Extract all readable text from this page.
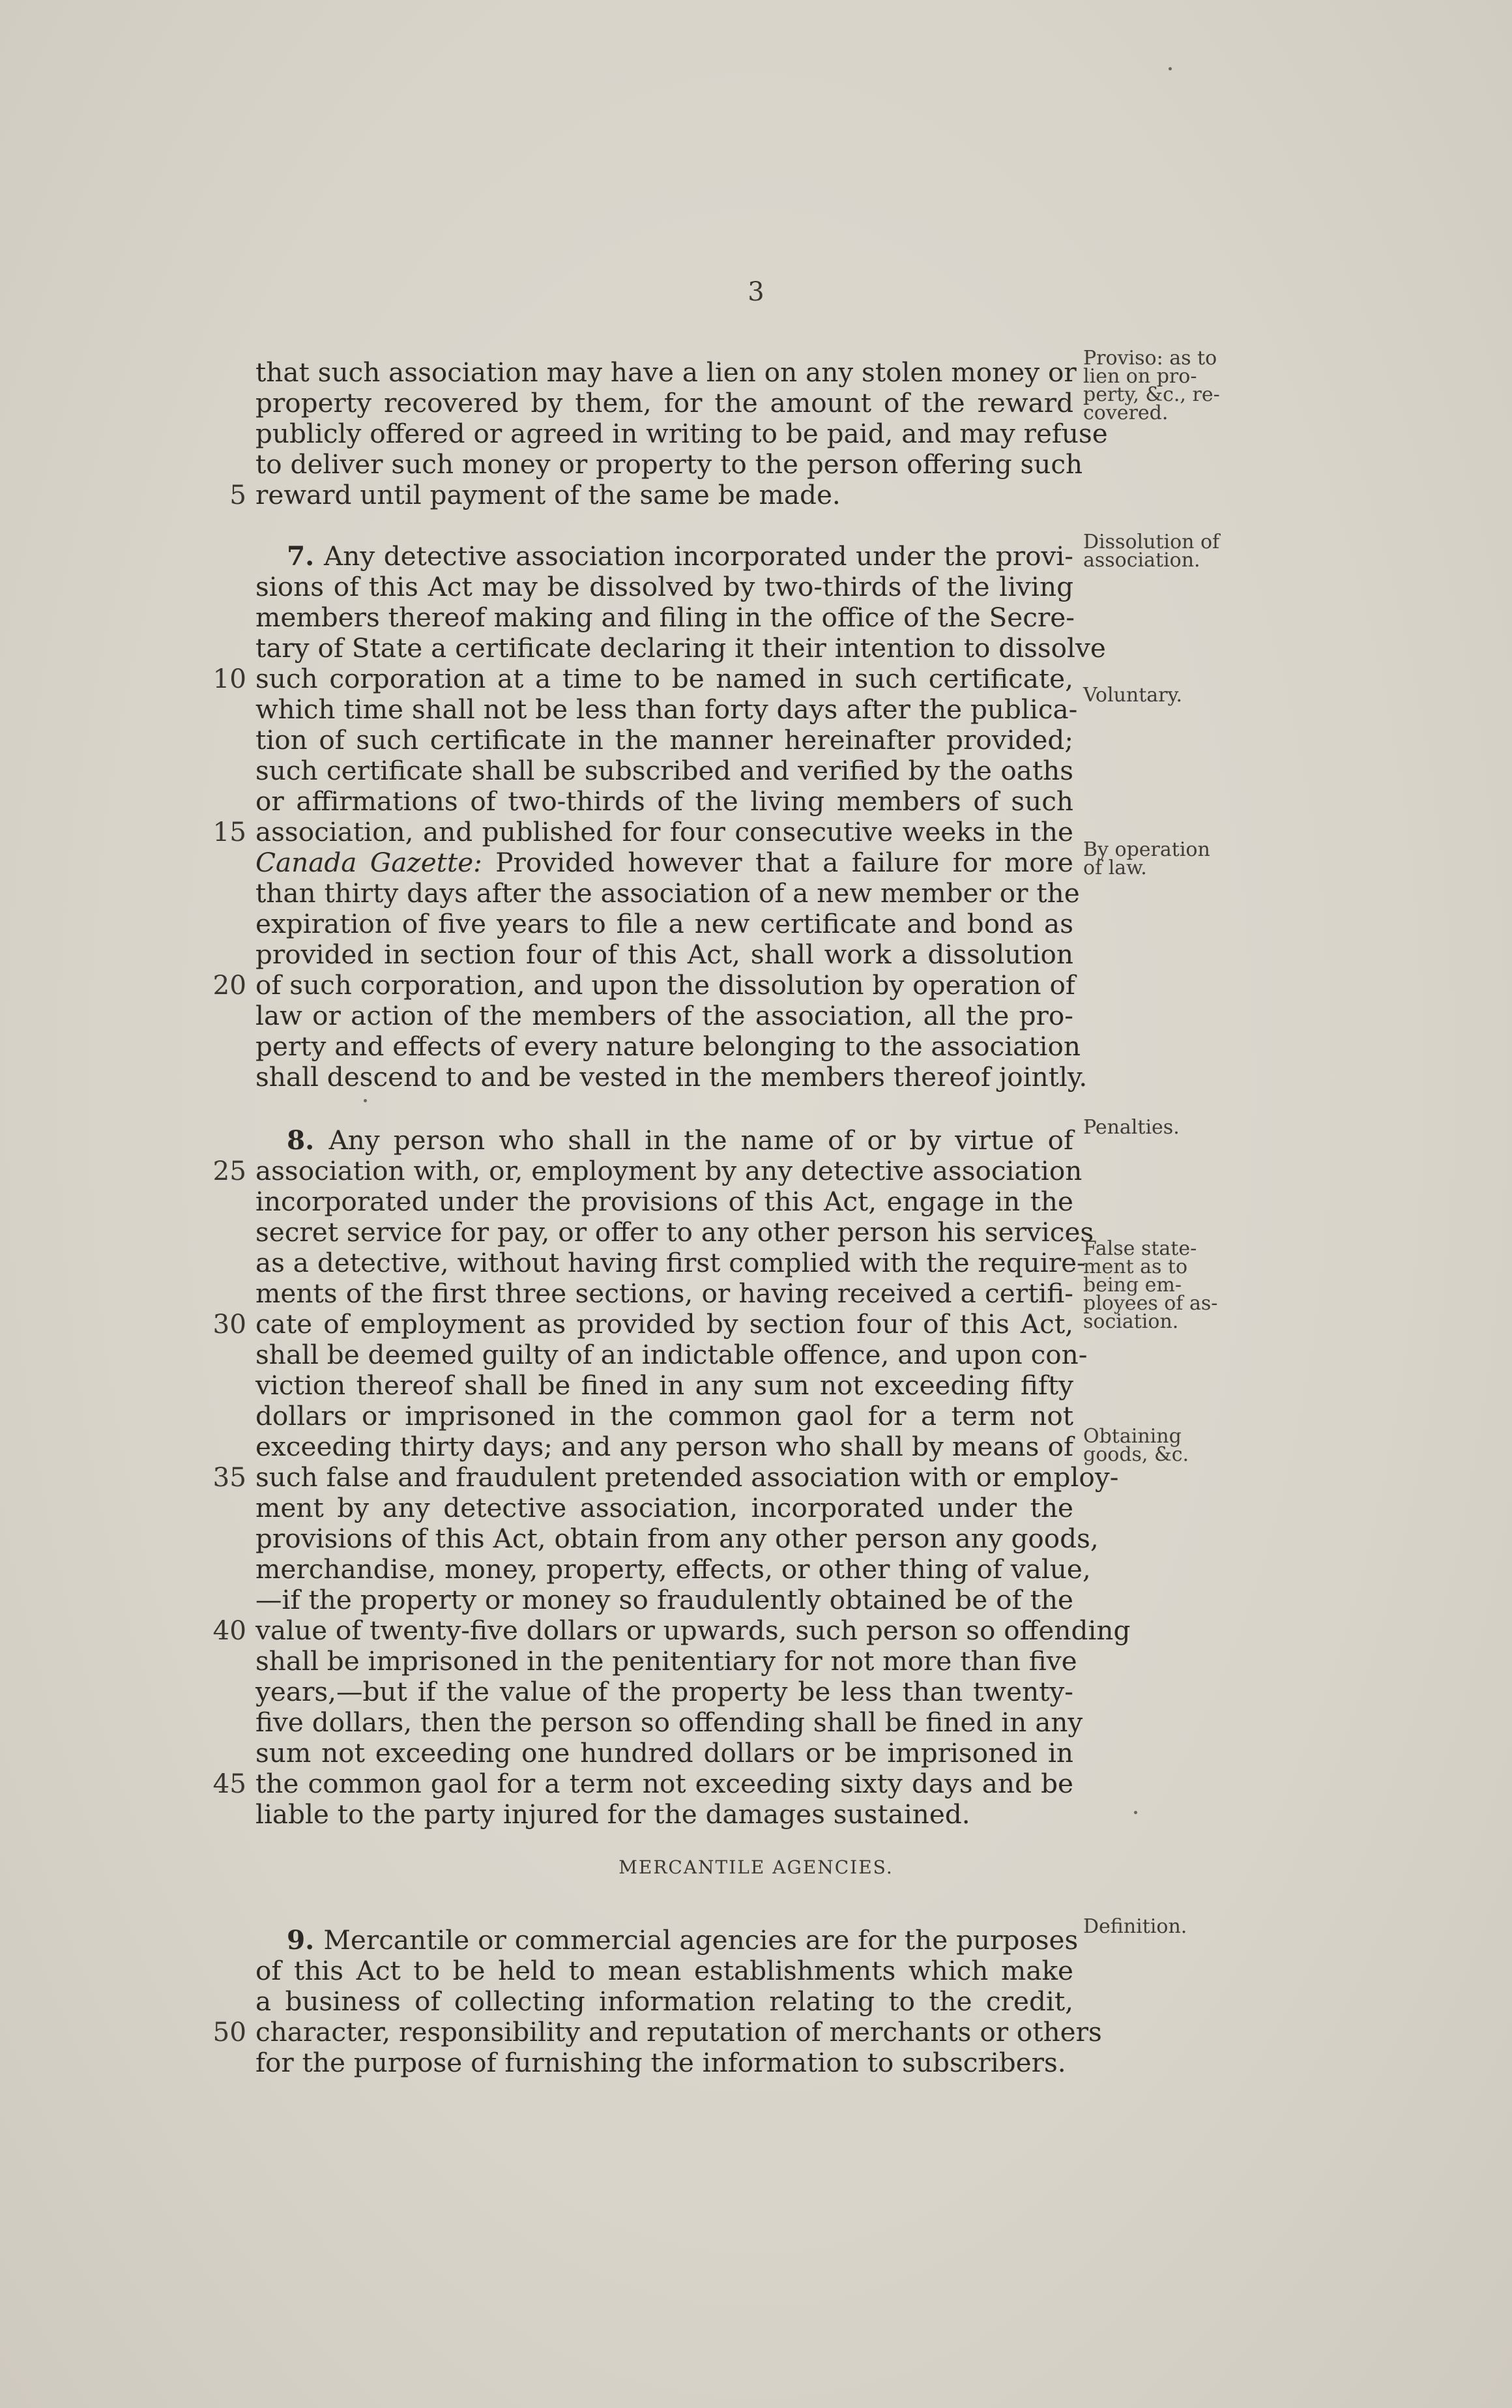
3
that such association may have a lien on any stolen money or
property recovered by them, for the amount of the reward
publicly offered or agreed in writing to be paid, and may refuse
to deliver such money or property to the person offering such
reward until payment of the same be made.
5
7. Any detective association incorporated under the provi-
sions of this Act may be dissolved by two-thirds of the living
members thereof making and filing in the office of the Secre-
tary of State a certificate declaring it their intention to dissolve
such corporation at a time to be named in such certificate,
10
which time shall not be less than forty days after the publica-
tion of such certificate in the manner hereinafter provided;
such certificate shall be subscribed and verified by the oaths
or affirmations of two-thirds of the living members of such
association, and published for four consecutive weeks in the
15
Canada Gazette: Provided however that a failure for more
than thirty days after the association of a new member or the
expiration of five years to file a new certificate and bond as
provided in section four of this Act, shall work a dissolution
of such corporation, and upon the dissolution by operation of
20
law or action of the members of the association, all the pro-
perty and effects of every nature belonging to the association
shall descend to and be vested in the members thereof jointly.
8. Any person who shall in the name of or by virtue of
association with, or, employment by any detective association
25
incorporated under the provisions of this Act, engage in the
secret service for pay, or offer to any other person his services
as a detective, without having first complied with the require-
ments of the first three sections, or having received a certifi-
cate of employment as provided by section four of this Act,
30
shall be deemed guilty of an indictable offence, and upon con-
viction thereof shall be fined in any sum not exceeding fifty
dollars or imprisoned in the common gaol for a term not
exceeding thirty days; and any person who shall by means of
such false and fraudulent pretended association with or employ-
35
ment by any detective association, incorporated under the
provisions of this Act, obtain from any other person any goods,
merchandise, money, property, effects, or other thing of value,
—if the property or money so fraudulently obtained be of the
value of twenty-five dollars or upwards, such person so offending
40
shall be imprisoned in the penitentiary for not more than five
years,—but if the value of the property be less than twenty-
five dollars, then the person so offending shall be fined in any
sum not exceeding one hundred dollars or be imprisoned in
the common gaol for a term not exceeding sixty days and be
45
liable to the party injured for the damages sustained.
9. Mercantile or commercial agencies are for the purposes
of this Act to be held to mean establishments which make
a business of collecting information relating to the credit,
character, responsibility and reputation of merchants or others
50
for the purpose of furnishing the information to subscribers.
Proviso: as to
lien on pro-
perty, &c., re-
covered.
Dissolution of
association.
Voluntary.
By operation
of law.
Penalties.
False state-
ment as to
being em-
ployees of as-
sociation.
Obtaining
goods, &c.
Definition.
MERCANTILE AGENCIES.
